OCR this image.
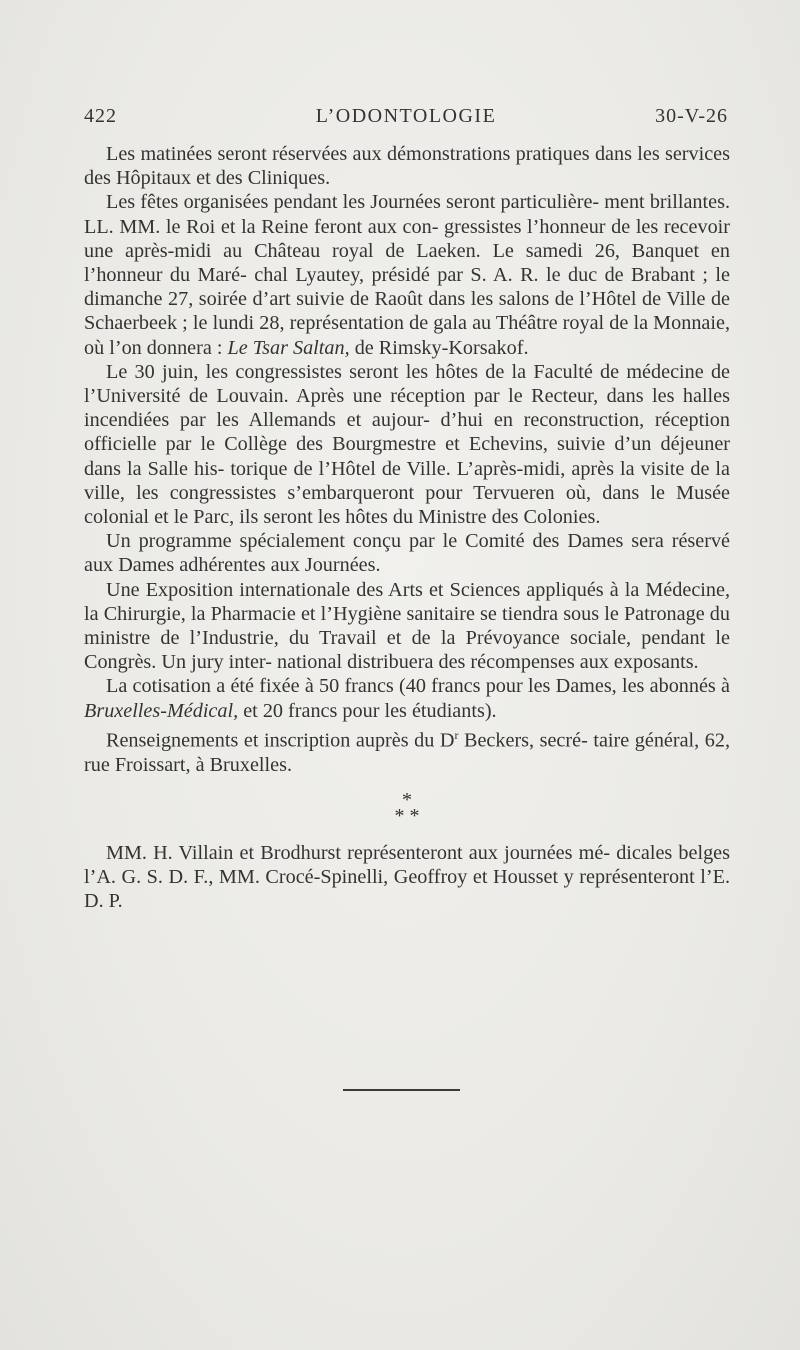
422	L’ODONTOLOGIE	30-V-26

Les matinées seront réservées aux démonstrations pratiques dans les services des Hôpitaux et des Cliniques.

Les fêtes organisées pendant les Journées seront particulière- ment brillantes. LL. MM. le Roi et la Reine feront aux con- gressistes l’honneur de les recevoir une après-midi au Château royal de Laeken. Le samedi 26, Banquet en l’honneur du Maré- chal Lyautey, présidé par S. A. R. le duc de Brabant ; le dimanche 27, soirée d’art suivie de Raoût dans les salons de l’Hôtel de Ville de Schaerbeek ; le lundi 28, représentation de gala au Théâtre royal de la Monnaie, où l’on donnera : Le Tsar Saltan, de Rimsky-Korsakof.

Le 30 juin, les congressistes seront les hôtes de la Faculté de médecine de l’Université de Louvain. Après une réception par le Recteur, dans les halles incendiées par les Allemands et aujour- d’hui en reconstruction, réception officielle par le Collège des Bourgmestre et Echevins, suivie d’un déjeuner dans la Salle his- torique de l’Hôtel de Ville. L’après-midi, après la visite de la ville, les congressistes s’embarqueront pour Tervueren où, dans le Musée colonial et le Parc, ils seront les hôtes du Ministre des Colonies.

Un programme spécialement conçu par le Comité des Dames sera réservé aux Dames adhérentes aux Journées.

Une Exposition internationale des Arts et Sciences appliqués à la Médecine, la Chirurgie, la Pharmacie et l’Hygiène sanitaire se tiendra sous le Patronage du ministre de l’Industrie, du Travail et de la Prévoyance sociale, pendant le Congrès. Un jury inter- national distribuera des récompenses aux exposants.

La cotisation a été fixée à 50 francs (40 francs pour les Dames, les abonnés à Bruxelles-Médical, et 20 francs pour les étudiants).

Renseignements et inscription auprès du $D^r$ Beckers, secré- taire général, 62, rue Froissart, à Bruxelles.

*
* *

MM. H. Villain et Brodhurst représenteront aux journées mé- dicales belges l’A. G. S. D. F., MM. Crocé-Spinelli, Geoffroy et Housset y représenteront l’E. D. P.
